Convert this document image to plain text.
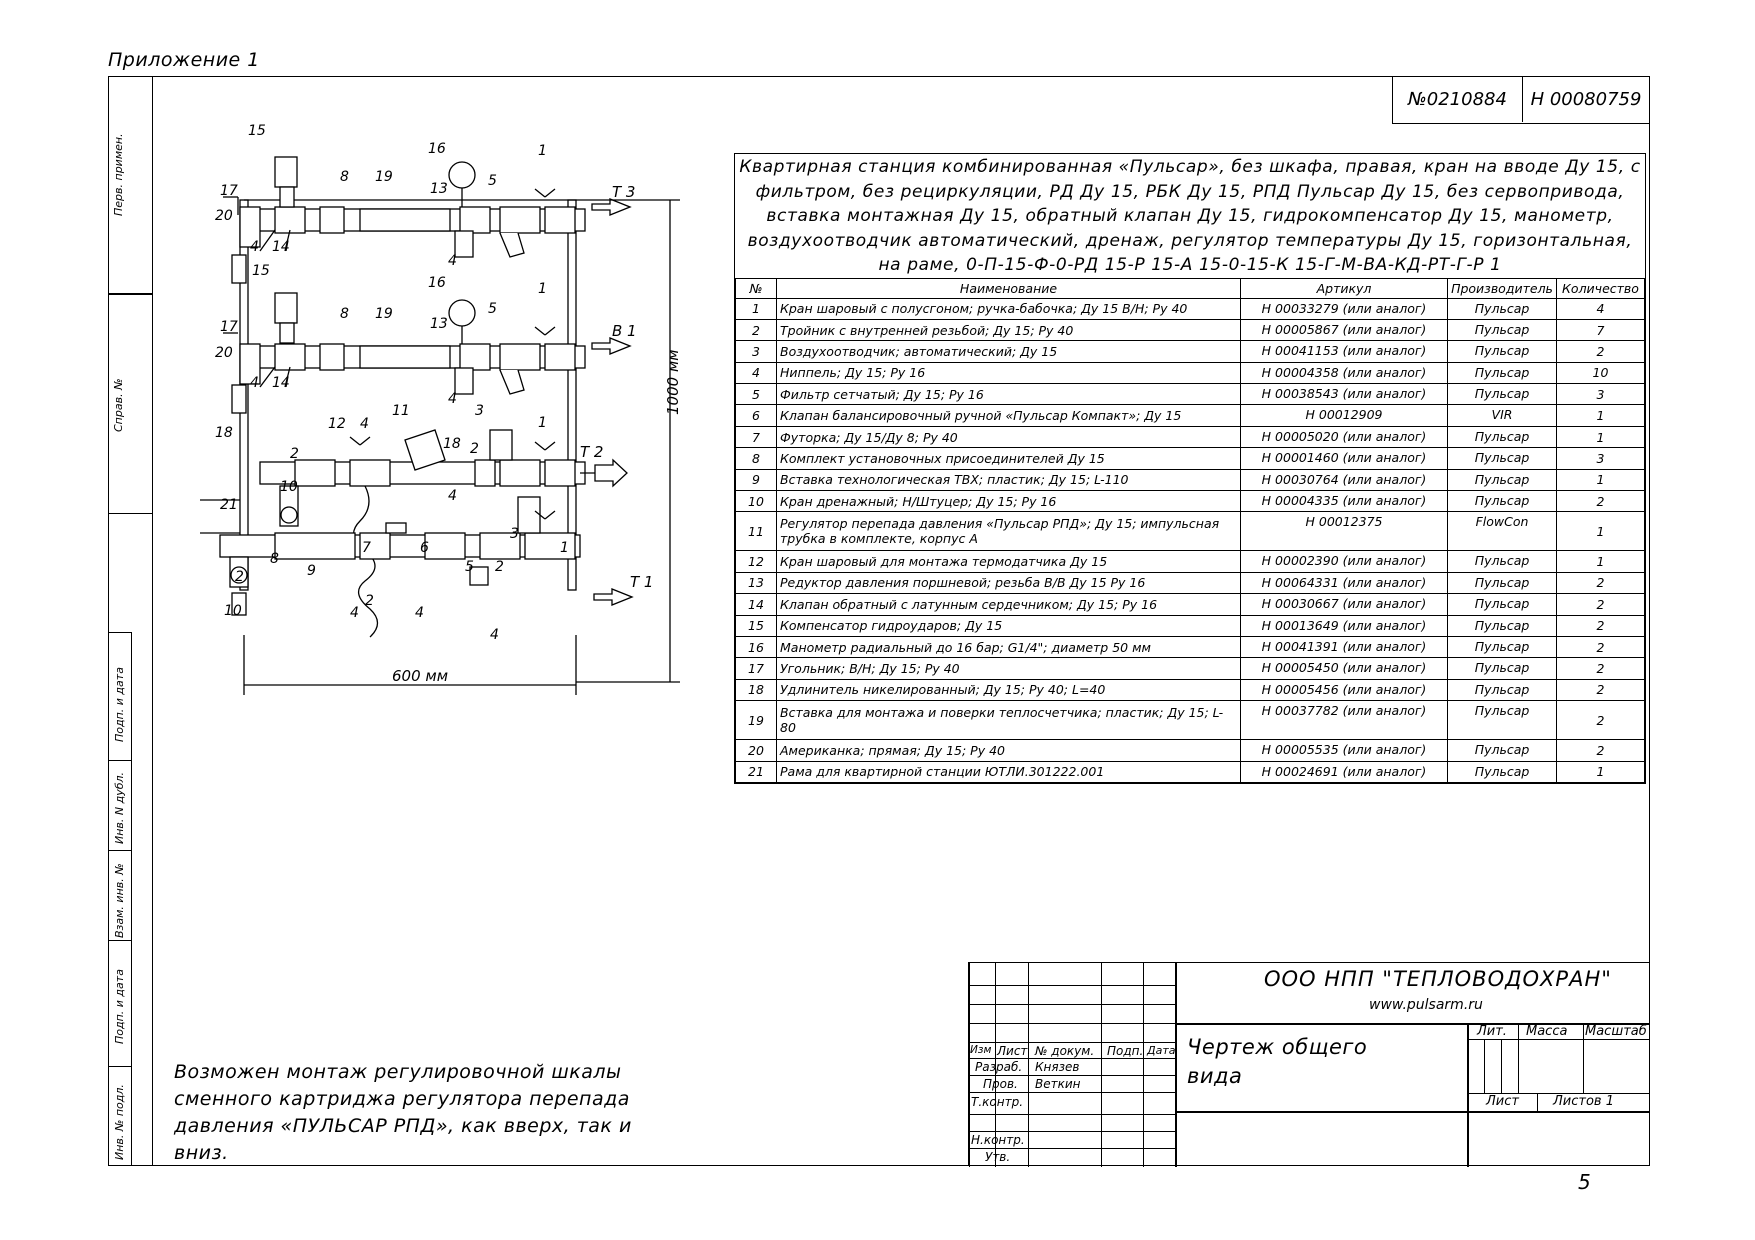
Приложение 1
Перв. примен.
Справ. №
Подп. и дата
Инв. N дубл.
Взам. инв. №
Подп. и дата
Инв. № подл.
№0210884	Н 00080759
15
16	1
17
8 19
13	5
20
4 14
4
15
16	1
17
8 19
13
5
20
4 14
4
18
12 4
11	3
1
2
18 2
10
4
21
3
8
9
7	6
5 2
1
2
4	4
10
2
4
Т 3
В 1
Т 2
Т 1
600 мм
1000 мм
Квартирная станция комбинированная «Пульсар», без шкафа, правая, кран на вводе Ду 15, с фильтром, без рециркуляции, РД Ду 15, РБК Ду 15, РПД Пульсар Ду 15, без сервопривода, вставка монтажная Ду 15, обратный клапан Ду 15, гидрокомпенсатор Ду 15, манометр, воздухоотводчик автоматический, дренаж, регулятор температуры Ду 15, горизонтальная, на раме, 0-П-15-Ф-0-РД 15-Р 15-А 15-0-15-К 15-Г-М-ВА-КД-РТ-Г-Р 1
№	Наименование	Артикул	Производитель	Количество
1	Кран шаровый с полусгоном; ручка-бабочка; Ду 15 В/Н; Ру 40	Н 00033279 (или аналог)	Пульсар	4
2	Тройник с внутренней резьбой; Ду 15; Ру 40	Н 00005867 (или аналог)	Пульсар	7
3	Воздухоотводчик; автоматический; Ду 15	Н 00041153 (или аналог)	Пульсар	2
4	Ниппель; Ду 15; Ру 16	Н 00004358 (или аналог)	Пульсар	10
5	Фильтр сетчатый; Ду 15; Ру 16	Н 00038543 (или аналог)	Пульсар	3
6	Клапан балансировочный ручной «Пульсар Компакт»; Ду 15	Н 00012909	VIR	1
7	Футорка; Ду 15/Ду 8; Ру 40	Н 00005020 (или аналог)	Пульсар	1
8	Комплект установочных присоединителей Ду 15	Н 00001460 (или аналог)	Пульсар	3
9	Вставка технологическая ТВХ; пластик; Ду 15; L-110	Н 00030764 (или аналог)	Пульсар	1
10	Кран дренажный; Н/Штуцер; Ду 15; Ру 16	Н 00004335 (или аналог)	Пульсар	2
11	Регулятор перепада давления «Пульсар РПД»; Ду 15; импульсная трубка в комплекте, корпус А	Н 00012375	FlowCon	1
12	Кран шаровый для монтажа термодатчика Ду 15	Н 00002390 (или аналог)	Пульсар	1
13	Редуктор давления поршневой; резьба В/В Ду 15 Ру 16	Н 00064331 (или аналог)	Пульсар	2
14	Клапан обратный с латунным сердечником; Ду 15; Ру 16	Н 00030667 (или аналог)	Пульсар	2
15	Компенсатор гидроударов; Ду 15	Н 00013649 (или аналог)	Пульсар	2
16	Манометр радиальный до 16 бар; G1/4"; диаметр 50 мм	Н 00041391 (или аналог)	Пульсар	2
17	Угольник; В/Н; Ду 15; Ру 40	Н 00005450 (или аналог)	Пульсар	2
18	Удлинитель никелированный; Ду 15; Ру 40; L=40	Н 00005456 (или аналог)	Пульсар	2
19	Вставка для монтажа и поверки теплосчетчика; пластик; Ду 15; L-80	Н 00037782 (или аналог)	Пульсар	2
20	Американка; прямая; Ду 15; Ру 40	Н 00005535 (или аналог)	Пульсар	2
21	Рама для квартирной станции ЮТЛИ.301222.001	Н 00024691 (или аналог)	Пульсар	1
Возможен монтаж регулировочной шкалы сменного картриджа регулятора перепада давления «ПУЛЬСАР РПД», как вверх, так и вниз.
ООО НПП "ТЕПЛОВОДОХРАН"
www.pulsarm.ru
Чертеж общего
вида
Изм Лист № докум. Подп. Дата
Разраб. Князев
Пров. Веткин
Т.контр.
Н.контр.
Утв.
Лит. Масса Масштаб
Лист	Листов 1
5
